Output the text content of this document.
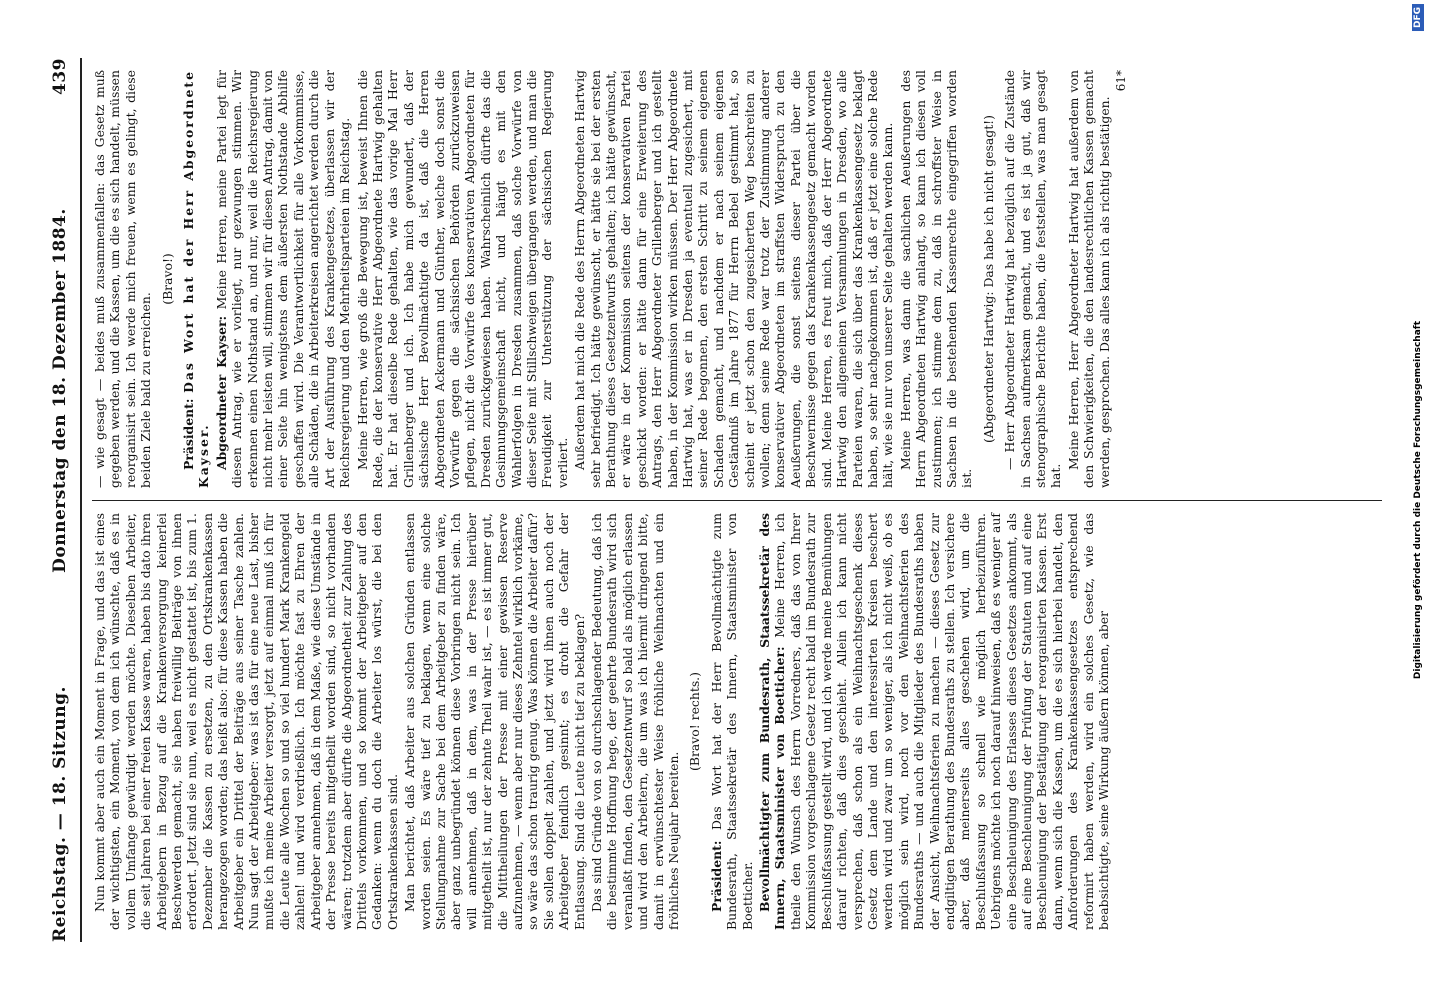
Reichstag. — 18. Sitzung.
Donnerstag den 18. Dezember 1884.
439

Nun kommt aber auch ein Moment in Frage, und das ist eines der wichtigsten, ein Moment, von dem ich wünschte, daß es in vollem Umfange gewürdigt werden möchte. Dieselben Arbeiter, die seit Jahren bei einer freien Kasse waren, haben bis dato ihren Arbeitgebern in Bezug auf die Krankenversorgung keinerlei Beschwerden gemacht, sie haben freiwillig Beiträge von ihnen erfordert. Jetzt sind sie nun, weil es nicht gestattet ist, bis zum 1. Dezember die Kassen zu ersetzen, zu den Ortskrankenkassen herangezogen worden; das heißt also: für diese Kassen haben die Arbeitgeber ein Drittel der Beiträge aus seiner Tasche zahlen. Nun sagt der Arbeitgeber: was ist das für eine neue Last, bisher mußte ich meine Arbeiter versorgt, jetzt auf einmal muß ich für die Leute alle Wochen so und so viel hundert Mark Krankengeld zahlen! und wird verdrießlich. Ich möchte fast zu Ehren der Arbeitgeber annehmen, daß in dem Maße, wie diese Umstände in der Presse bereits mitgetheilt worden sind, so nicht vorhanden wären; trotzdem aber dürfte die Abgeordnetheit zur Zahlung des Drittels vorkommen, und so kommt der Arbeitgeber auf den Gedanken: wenn du doch die Arbeiter los würst, die bei den Ortskrankenkassen sind. Man berichtet, daß Arbeiter aus solchen Gründen entlassen worden seien. Es wäre tief zu beklagen, wenn eine solche Stellungnahme zur Sache bei dem Arbeitgeber zu finden wäre, aber ganz unbegründet können diese Vorbringen nicht sein. Ich will annehmen, daß in dem, was in der Presse hierüber mitgetheilt ist, nur der zehnte Theil wahr ist, — es ist immer gut, die Mittheilungen der Presse mit einer gewissen Reserve aufzunehmen, — wenn aber nur dieses Zehntel wirklich vorkäme, so wäre das schon traurig genug. Was können die Arbeiter dafür? Sie sollen doppelt zahlen, und jetzt wird ihnen auch noch der Arbeitgeber feindlich gesinnt; es droht die Gefahr der Entlassung. Sind die Leute nicht tief zu beklagen? Das sind Gründe von so durchschlagender Bedeutung, daß ich die bestimmte Hoffnung hege, der geehrte Bundesrath wird sich veranlaßt finden, den Gesetzentwurf so bald als möglich erlassen und wird den Arbeitern, die um was ich hiermit dringend bitte, damit in erwünschtester Weise fröhliche Weihnachten und ein fröhliches Neujahr bereiten.

(Bravo! rechts.)

Präsident: Das Wort hat der Herr Bevollmächtigte zum Bundesrath, Staatssekretär des Innern, Staatsminister von Boetticher. Bevollmächtigter zum Bundesrath, Staatssekretär des Innern, Staatsminister von Boetticher: Meine Herren, ich theile den Wunsch des Herrn Vorredners, daß das von Ihrer Kommission vorgeschlagene Gesetz recht bald im Bundesrath zur Beschlußfassung gestellt wird, und ich werde meine Bemühungen darauf richten, daß dies geschieht. Allein ich kann nicht versprechen, daß schon als ein Weihnachtsgeschenk dieses Gesetz dem Lande und den interessirten Kreisen beschert werden wird und zwar um so weniger, als ich nicht weiß, ob es möglich sein wird, noch vor den Weihnachtsferien des Bundesraths — und auch die Mitglieder des Bundesraths haben der Ansicht, Weihnachtsferien zu machen — dieses Gesetz zur endgiltigen Berathung des Bundesraths zu stellen. Ich versichere aber, daß meinerseits alles geschehen wird, um die Beschlußfassung so schnell wie möglich herbeizuführen. Uebrigens möchte ich noch darauf hinweisen, daß es weniger auf eine Beschleunigung des Erlasses dieses Gesetzes ankommt, als auf eine Beschleunigung der Prüfung der Statuten und auf eine Beschleunigung der Bestätigung der reorganisirten Kassen. Erst dann, wenn sich die Kassen, um die es sich hierbei handelt, den Anforderungen des Krankenkassengesetzes entsprechend reformirt haben werden, wird ein solches Gesetz, wie das beabsichtigte, seine Wirkung äußern können, aber

— wie gesagt — beides muß zusammenfallen: das Gesetz muß gegeben werden, und die Kassen, um die es sich handelt, müssen reorganisirt sein. Ich werde mich freuen, wenn es gelingt, diese beiden Ziele bald zu erreichen.

(Bravo!)

Präsident: Das Wort hat der Herr Abgeordnete Kayser. Abgeordneter Kayser: Meine Herren, meine Partei legt für diesen Antrag, wie er vorliegt, nur gezwungen stimmen. Wir erkennen einen Nothstand an, und nur, weil die Reichsregierung nicht mehr leisten will, stimmen wir für diesen Antrag, damit von einer Seite hin wenigstens dem äußersten Nothstande Abhilfe geschaffen wird. Die Verantwortlichkeit für alle Vorkommnisse, alle Schäden, die in Arbeiterkreisen angerichtet werden durch die Art der Ausführung des Krankengesetzes, überlassen wir der Reichsregierung und den Mehrheitsparteien im Reichstag. Meine Herren, wie groß die Bewegung ist, beweist Ihnen die Rede, die der konservative Herr Abgeordnete Hartwig gehalten hat. Er hat dieselbe Rede gehalten, wie das vorige Mal Herr Grillenberger und ich. Ich habe mich gewundert, daß der sächsische Herr Bevollmächtigte da ist, daß die Herren Abgeordneten Ackermann und Günther, welche doch sonst die Vorwürfe gegen die sächsischen Behörden zurückzuweisen pflegen, nicht die Vorwürfe des konservativen Abgeordneten für Dresden zurückgewiesen haben. Wahrscheinlich dürfte das die Gesinnungsgemeinschaft nicht, und hängt es mit den Wahlerfolgen in Dresden zusammen, daß solche Vorwürfe von dieser Seite mit Stillschweigen übergangen werden, und man die Freudigkeit zur Unterstützung der sächsischen Regierung verliert. Außerdem hat mich die Rede des Herrn Abgeordneten Hartwig sehr befriedigt. Ich hätte gewünscht, er hätte sie bei der ersten Berathung dieses Gesetzentwurfs gehalten; ich hätte gewünscht, er wäre in der Kommission seitens der konservativen Partei geschickt worden: er hätte dann für eine Erweiterung des Antrags, den Herr Abgeordneter Grillenberger und ich gestellt haben, in der Kommission wirken müssen. Der Herr Abgeordnete Hartwig hat, was er in Dresden ja eventuell zugesichert, mit seiner Rede begonnen, den ersten Schritt zu seinem eigenen Schaden gemacht, und nachdem er nach seinem eigenen Geständniß im Jahre 1877 für Herrn Bebel gestimmt hat, so scheint er jetzt schon den zugesicherten Weg beschreiten zu wollen; denn seine Rede war trotz der Zustimmung anderer konservativer Abgeordneten im straffsten Widerspruch zu den Aeußerungen, die sonst seitens dieser Partei über die Beschwernisse gegen das Krankenkassengesetz gemacht worden sind. Meine Herren, es freut mich, daß der Herr Abgeordnete Hartwig den allgemeinen Versammlungen in Dresden, wo alle Parteien waren, die sich über das Krankenkassengesetz beklagt haben, so sehr nachgekommen ist, daß er jetzt eine solche Rede hält, wie sie nur von unserer Seite gehalten werden kann. Meine Herren, was dann die sachlichen Aeußerungen des Herrn Abgeordneten Hartwig anlangt, so kann ich diesen voll zustimmen; ich stimme dem zu, daß in schroffster Weise in Sachsen in die bestehenden Kassenrechte eingegriffen worden ist.

(Abgeordneter Hartwig: Das habe ich nicht gesagt!) — Herr Abgeordneter Hartwig hat bezüglich auf die Zustände in Sachsen aufmerksam gemacht, und es ist ja gut, daß wir stenographische Berichte haben, die feststellen, was man gesagt hat.

Meine Herren, Herr Abgeordneter Hartwig hat außerdem von den Schwierigkeiten, die den landesrechtlichen Kassen gemacht werden, gesprochen. Das alles kann ich als richtig bestätigen.

61*

DFG
Digitalisierung gefördert durch die Deutsche Forschungsgemeinschaft
